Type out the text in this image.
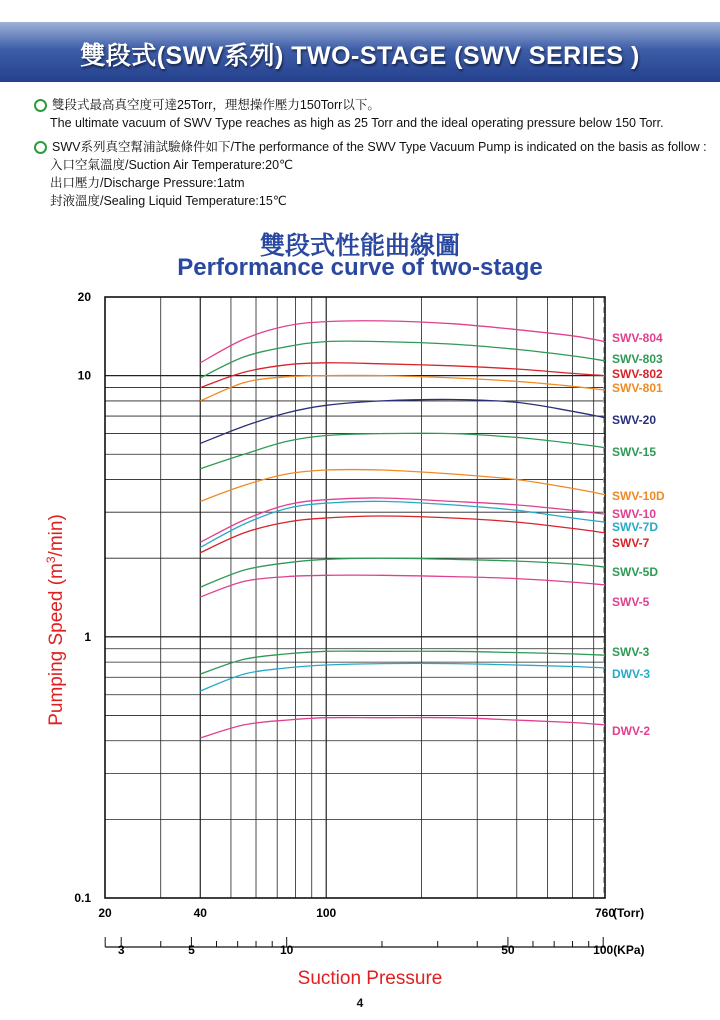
雙段式(SWV系列) TWO-STAGE (SWV SERIES )
雙段式最高真空度可達25Torr，理想操作壓力150Torr以下。
The ultimate vacuum of SWV Type reaches as high as 25 Torr and the ideal operating pressure below 150 Torr.
SWV系列真空幫浦試驗條件如下/The performance of the SWV Type Vacuum Pump is indicated on the basis as follow :
入口空氣溫度/Suction Air Temperature:20℃
出口壓力/Discharge Pressure:1atm
封液溫度/Sealing Liquid Temperature:15℃
雙段式性能曲線圖
Performance curve of two-stage
20
10
1
0.1
20	40	100	760
(Torr)
3	5	10	50	100 (KPa)
Suction Pressure
Pumping Speed $(m^3/\min)$
SWV-804
SWV-803
SWV-802
SWV-801
SWV-20
SWV-15
SWV-10D
SWV-10
SWV-7D
SWV-7
SWV-5D
SWV-5
SWV-3
DWV-3
DWV-2
4
